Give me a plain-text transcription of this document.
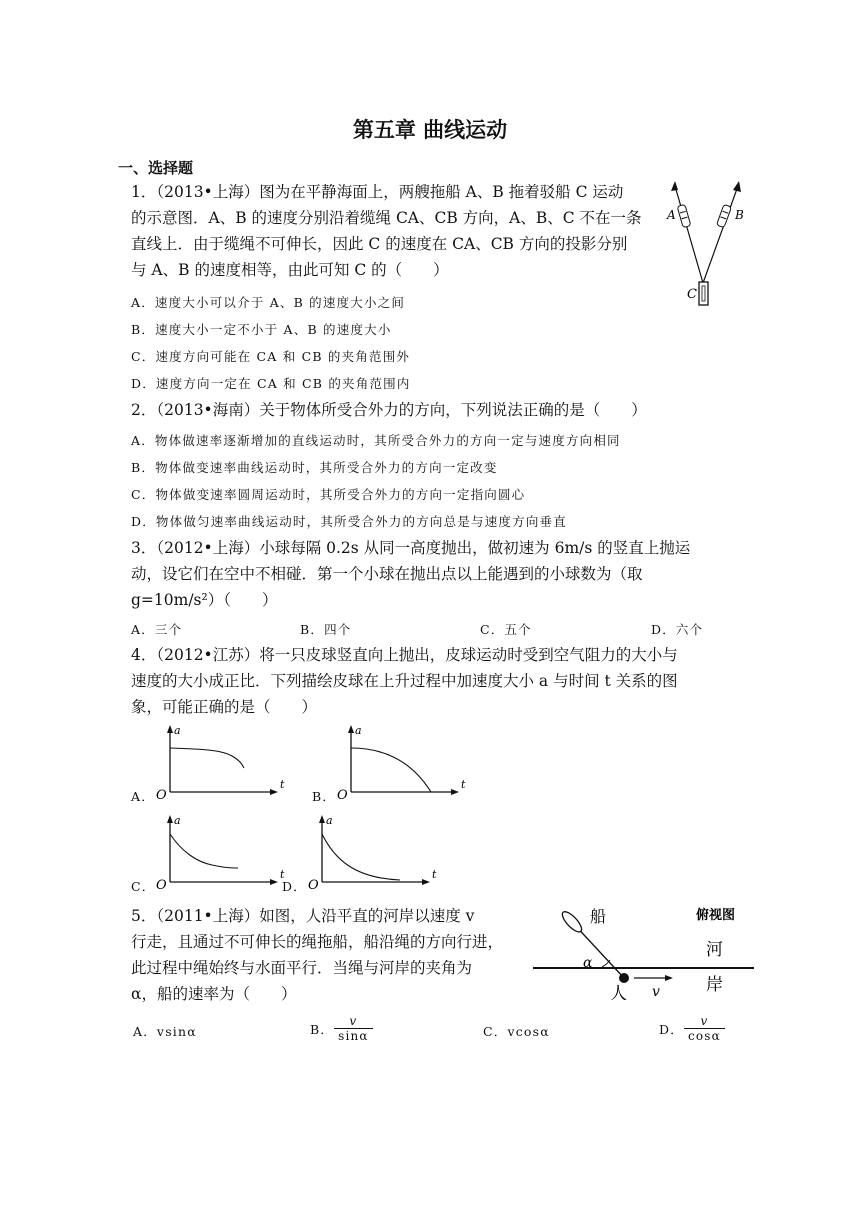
第五章 曲线运动
一、选择题
1．（2013•上海）图为在平静海面上，两艘拖船 A、B 拖着驳船 C 运动
的示意图．A、B 的速度分别沿着缆绳 CA、CB 方向，A、B、C 不在一条
直线上．由于缆绳不可伸长，因此 C 的速度在 CA、CB 方向的投影分别
与 A、B 的速度相等，由此可知 C 的（　　）
A．速度大小可以介于 A、B 的速度大小之间
B．速度大小一定不小于 A、B 的速度大小
C．速度方向可能在 CA 和 CB 的夹角范围外
D．速度方向一定在 CA 和 CB 的夹角范围内
A	B
C
2．（2013•海南）关于物体所受合外力的方向，下列说法正确的是（　　）
A．物体做速率逐渐增加的直线运动时，其所受合外力的方向一定与速度方向相同
B．物体做变速率曲线运动时，其所受合外力的方向一定改变
C．物体做变速率圆周运动时，其所受合外力的方向一定指向圆心
D．物体做匀速率曲线运动时，其所受合外力的方向总是与速度方向垂直
3．（2012•上海）小球每隔 0.2s 从同一高度抛出，做初速为 6m/s 的竖直上抛运
动，设它们在空中不相碰．第一个小球在抛出点以上能遇到的小球数为（取
g=10m/s²）（　　）
A．三个	B．四个	C．五个	D．六个
4．（2012•江苏）将一只皮球竖直向上抛出，皮球运动时受到空气阻力的大小与
速度的大小成正比．下列描绘皮球在上升过程中加速度大小 a 与时间 t 关系的图
象，可能正确的是（　　）
A．
a
t
O	B．
a
t
O
C．
a
t
O	D．
a
t
O
5．（2011•上海）如图，人沿平直的河岸以速度 v
行走，且通过不可伸长的绳拖船，船沿绳的方向行进，
此过程中绳始终与水面平行．当绳与河岸的夹角为
α，船的速率为（　　）
船	俯视图
河
岸
人 v
α
A．vsinα	B． $\frac{v}{\sin\alpha}$	C．vcosα	D． $\frac{v}{\cos\alpha}$
